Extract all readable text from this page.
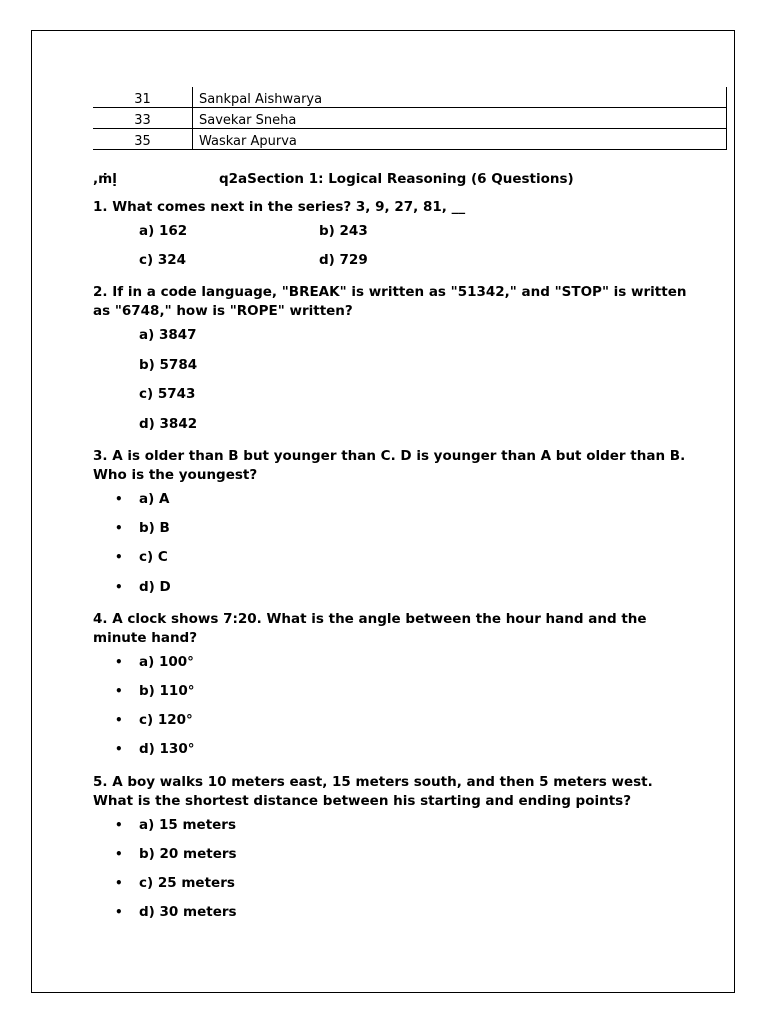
31	Sankpal Aishwarya
33	Savekar Sneha
35	Waskar Apurva
,ṁḷ	q2aSection 1: Logical Reasoning (6 Questions)
1. What comes next in the series? 3, 9, 27, 81, __
a) 162	b) 243
c) 324	d) 729
2. If in a code language, "BREAK" is written as "51342," and "STOP" is written as "6748," how is "ROPE" written?
a) 3847
b) 5784
c) 5743
d) 3842
3. A is older than B but younger than C. D is younger than A but older than B. Who is the youngest?
• a) A
• b) B
• c) C
• d) D
4. A clock shows 7:20. What is the angle between the hour hand and the minute hand?
• a) 100°
• b) 110°
• c) 120°
• d) 130°
5. A boy walks 10 meters east, 15 meters south, and then 5 meters west. What is the shortest distance between his starting and ending points?
• a) 15 meters
• b) 20 meters
• c) 25 meters
• d) 30 meters
